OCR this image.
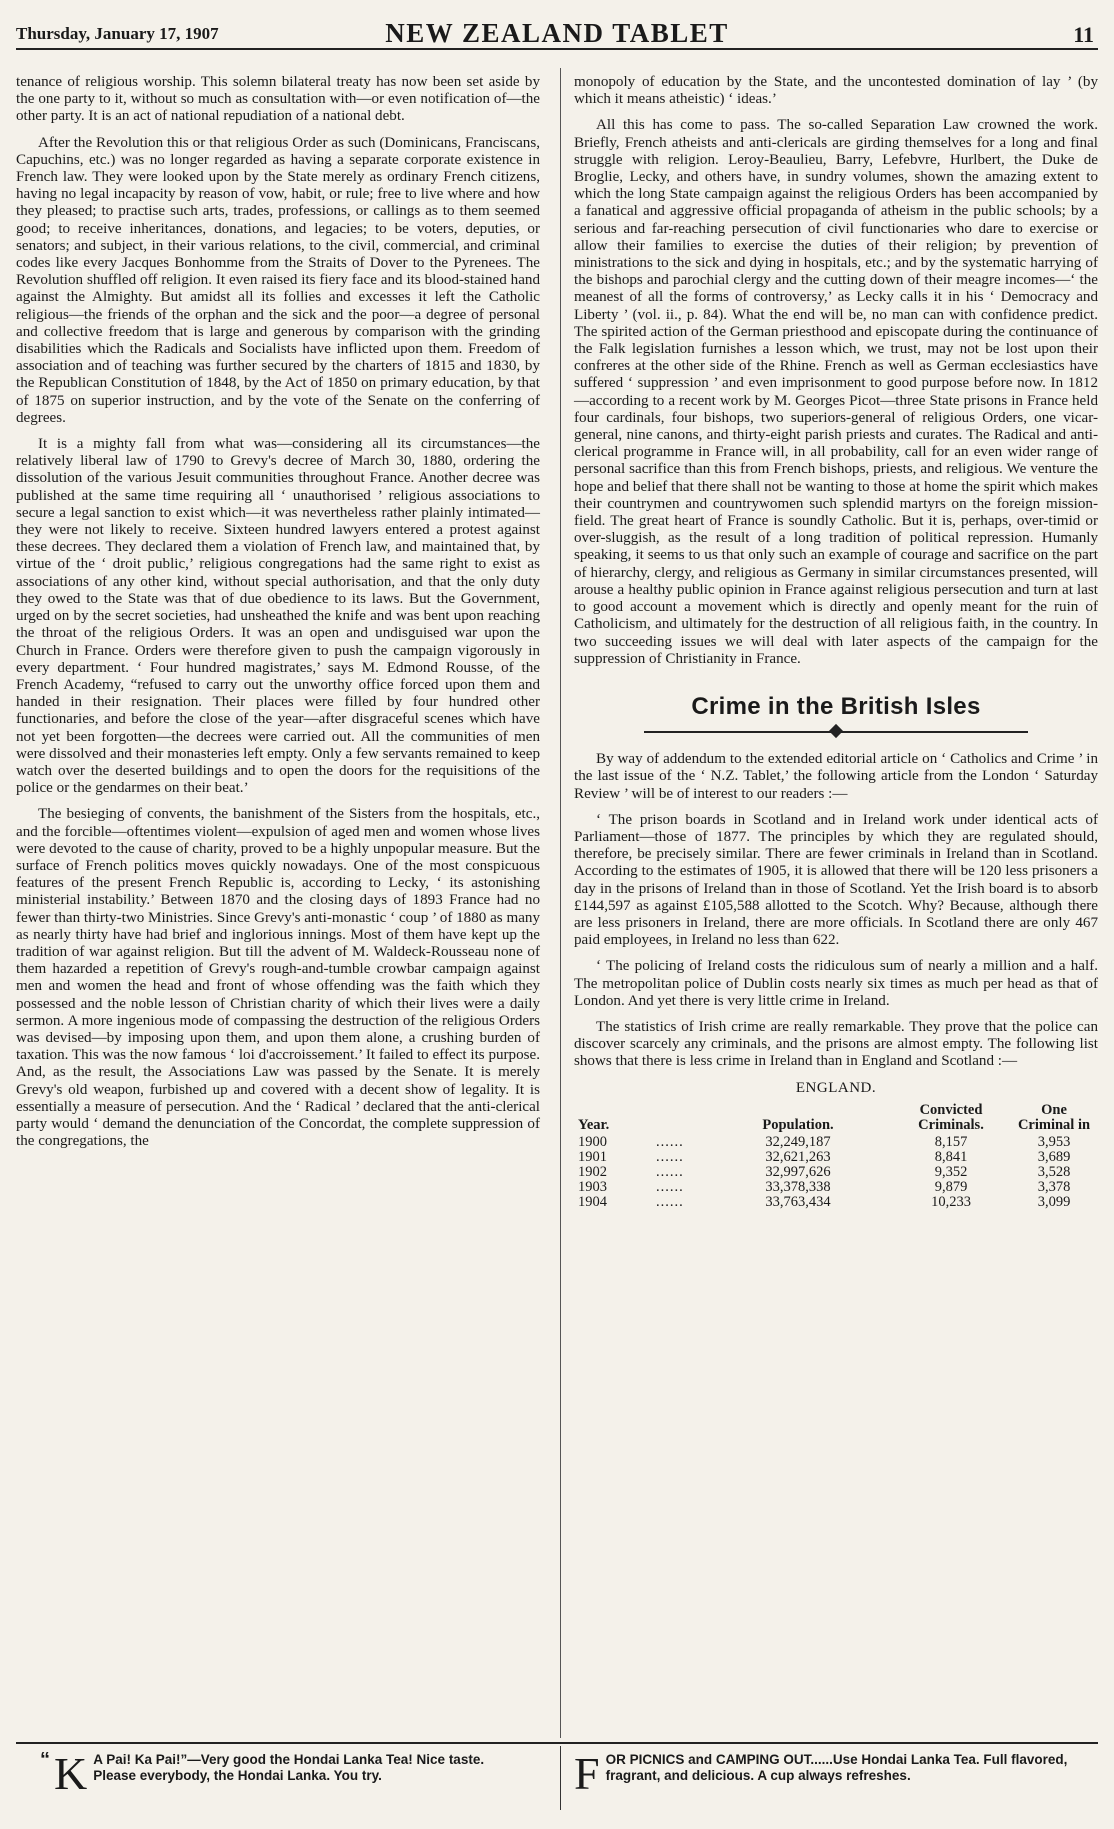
Thursday, January 17, 1907	NEW ZEALAND TABLET	11

tenance of religious worship. This solemn bilateral treaty has now been set aside by the one party to it, without so much as consultation with—or even notification of—the other party. It is an act of national repudiation of a national debt.

After the Revolution this or that religious Order as such (Dominicans, Franciscans, Capuchins, etc.) was no longer regarded as having a separate corporate existence in French law. They were looked upon by the State merely as ordinary French citizens, having no legal incapacity by reason of vow, habit, or rule; free to live where and how they pleased; to practise such arts, trades, professions, or callings as to them seemed good; to receive inheritances, donations, and legacies; to be voters, deputies, or senators; and subject, in their various relations, to the civil, commercial, and criminal codes like every Jacques Bonhomme from the Straits of Dover to the Pyrenees. The Revolution shuffled off religion. It even raised its fiery face and its blood-stained hand against the Almighty. But amidst all its follies and excesses it left the Catholic religious—the friends of the orphan and the sick and the poor—a degree of personal and collective freedom that is large and generous by comparison with the grinding disabilities which the Radicals and Socialists have inflicted upon them. Freedom of association and of teaching was further secured by the charters of 1815 and 1830, by the Republican Constitution of 1848, by the Act of 1850 on primary education, by that of 1875 on superior instruction, and by the vote of the Senate on the conferring of degrees.

It is a mighty fall from what was—considering all its circumstances—the relatively liberal law of 1790 to Grevy's decree of March 30, 1880, ordering the dissolution of the various Jesuit communities throughout France. Another decree was published at the same time requiring all ‘ unauthorised ’ religious associations to secure a legal sanction to exist which—it was nevertheless rather plainly intimated—they were not likely to receive. Sixteen hundred lawyers entered a protest against these decrees. They declared them a violation of French law, and maintained that, by virtue of the ‘ droit public,’ religious congregations had the same right to exist as associations of any other kind, without special authorisation, and that the only duty they owed to the State was that of due obedience to its laws. But the Government, urged on by the secret societies, had unsheathed the knife and was bent upon reaching the throat of the religious Orders. It was an open and undisguised war upon the Church in France. Orders were therefore given to push the campaign vigorously in every department. ‘ Four hundred magistrates,’ says M. Edmond Rousse, of the French Academy, “refused to carry out the unworthy office forced upon them and handed in their resignation. Their places were filled by four hundred other functionaries, and before the close of the year—after disgraceful scenes which have not yet been forgotten—the decrees were carried out. All the communities of men were dissolved and their monasteries left empty. Only a few servants remained to keep watch over the deserted buildings and to open the doors for the requisitions of the police or the gendarmes on their beat.’

The besieging of convents, the banishment of the Sisters from the hospitals, etc., and the forcible—oftentimes violent—expulsion of aged men and women whose lives were devoted to the cause of charity, proved to be a highly unpopular measure. But the surface of French politics moves quickly nowadays. One of the most conspicuous features of the present French Republic is, according to Lecky, ‘ its astonishing ministerial instability.’ Between 1870 and the closing days of 1893 France had no fewer than thirty-two Ministries. Since Grevy's anti-monastic ‘ coup ’ of 1880 as many as nearly thirty have had brief and inglorious innings. Most of them have kept up the tradition of war against religion. But till the advent of M. Waldeck-Rousseau none of them hazarded a repetition of Grevy's rough-and-tumble crowbar campaign against men and women the head and front of whose offending was the faith which they possessed and the noble lesson of Christian charity of which their lives were a daily sermon. A more ingenious mode of compassing the destruction of the religious Orders was devised—by imposing upon them, and upon them alone, a crushing burden of taxation. This was the now famous ‘ loi d'accroissement.’ It failed to effect its purpose. And, as the result, the Associations Law was passed by the Senate. It is merely Grevy's old weapon, furbished up and covered with a decent show of legality. It is essentially a measure of persecution. And the ‘ Radical ’ declared that the anti-clerical party would ‘ demand the denunciation of the Concordat, the complete suppression of the congregations, the

monopoly of education by the State, and the uncontested domination of lay ’ (by which it means atheistic) ‘ ideas.’

All this has come to pass. The so-called Separation Law crowned the work. Briefly, French atheists and anti-clericals are girding themselves for a long and final struggle with religion. Leroy-Beaulieu, Barry, Lefebvre, Hurlbert, the Duke de Broglie, Lecky, and others have, in sundry volumes, shown the amazing extent to which the long State campaign against the religious Orders has been accompanied by a fanatical and aggressive official propaganda of atheism in the public schools; by a serious and far-reaching persecution of civil functionaries who dare to exercise or allow their families to exercise the duties of their religion; by prevention of ministrations to the sick and dying in hospitals, etc.; and by the systematic harrying of the bishops and parochial clergy and the cutting down of their meagre incomes—‘ the meanest of all the forms of controversy,’ as Lecky calls it in his ‘ Democracy and Liberty ’ (vol. ii., p. 84). What the end will be, no man can with confidence predict. The spirited action of the German priesthood and episcopate during the continuance of the Falk legislation furnishes a lesson which, we trust, may not be lost upon their confreres at the other side of the Rhine. French as well as German ecclesiastics have suffered ‘ suppression ’ and even imprisonment to good purpose before now. In 1812—according to a recent work by M. Georges Picot—three State prisons in France held four cardinals, four bishops, two superiors-general of religious Orders, one vicar-general, nine canons, and thirty-eight parish priests and curates. The Radical and anti-clerical programme in France will, in all probability, call for an even wider range of personal sacrifice than this from French bishops, priests, and religious. We venture the hope and belief that there shall not be wanting to those at home the spirit which makes their countrymen and countrywomen such splendid martyrs on the foreign mission-field. The great heart of France is soundly Catholic. But it is, perhaps, over-timid or over-sluggish, as the result of a long tradition of political repression. Humanly speaking, it seems to us that only such an example of courage and sacrifice on the part of hierarchy, clergy, and religious as Germany in similar circumstances presented, will arouse a healthy public opinion in France against religious persecution and turn at last to good account a movement which is directly and openly meant for the ruin of Catholicism, and ultimately for the destruction of all religious faith, in the country. In two succeeding issues we will deal with later aspects of the campaign for the suppression of Christianity in France.

Crime in the British Isles

By way of addendum to the extended editorial article on ‘ Catholics and Crime ’ in the last issue of the ‘ N.Z. Tablet,’ the following article from the London ‘ Saturday Review ’ will be of interest to our readers :—

‘ The prison boards in Scotland and in Ireland work under identical acts of Parliament—those of 1877. The principles by which they are regulated should, therefore, be precisely similar. There are fewer criminals in Ireland than in Scotland. According to the estimates of 1905, it is allowed that there will be 120 less prisoners a day in the prisons of Ireland than in those of Scotland. Yet the Irish board is to absorb £144,597 as against £105,588 allotted to the Scotch. Why? Because, although there are less prisoners in Ireland, there are more officials. In Scotland there are only 467 paid employees, in Ireland no less than 622.

‘ The policing of Ireland costs the ridiculous sum of nearly a million and a half. The metropolitan police of Dublin costs nearly six times as much per head as that of London. And yet there is very little crime in Ireland.

The statistics of Irish crime are really remarkable. They prove that the police can discover scarcely any criminals, and the prisons are almost empty. The following list shows that there is less crime in Ireland than in England and Scotland :—

ENGLAND.
Year.		Population.	Convicted Criminals.	One Criminal in
1900	......	32,249,187	8,157	3,953
1901	......	32,621,263	8,841	3,689
1902	......	32,997,626	9,352	3,528
1903	......	33,378,338	9,879	3,378
1904	......	33,763,434	10,233	3,099
“ K A Pai! Ka Pai!”—Very good the Hondai Lanka Tea! Nice taste. Please everybody, the Hondai Lanka. You try.	F OR PICNICS and CAMPING OUT......Use Hondai Lanka Tea. Full flavored, fragrant, and delicious. A cup always refreshes.
